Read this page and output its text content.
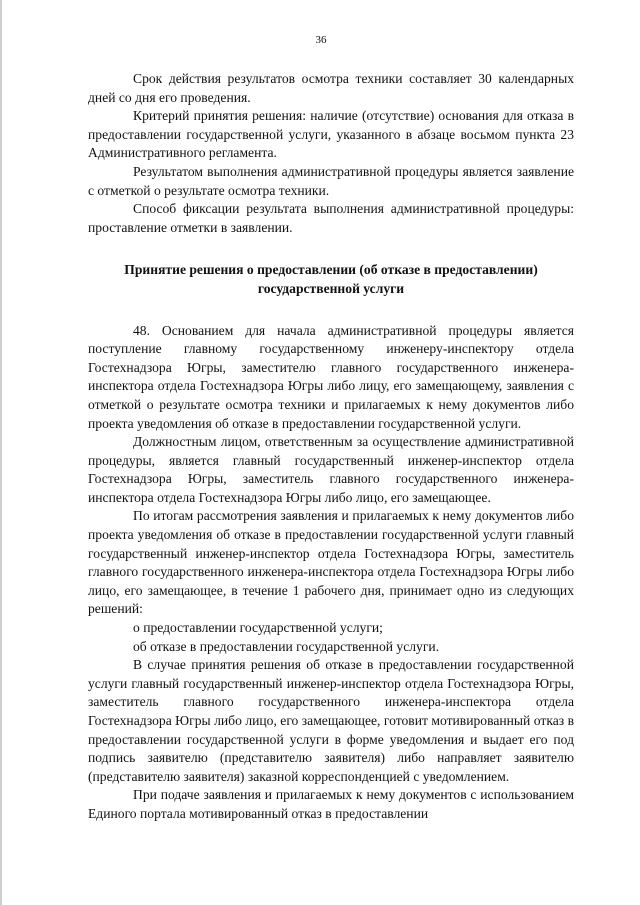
36

Срок действия результатов осмотра техники составляет 30 календарных дней со дня его проведения.

Критерий принятия решения: наличие (отсутствие) основания для отказа в предоставлении государственной услуги, указанного в абзаце восьмом пункта 23 Административного регламента.

Результатом выполнения административной процедуры является заявление с отметкой о результате осмотра техники.

Способ фиксации результата выполнения административной процедуры: проставление отметки в заявлении.

Принятие решения о предоставлении (об отказе в предоставлении) государственной услуги

48. Основанием для начала административной процедуры является поступление главному государственному инженеру-инспектору отдела Гостехнадзора Югры, заместителю главного государственного инженера-инспектора отдела Гостехнадзора Югры либо лицу, его замещающему, заявления с отметкой о результате осмотра техники и прилагаемых к нему документов либо проекта уведомления об отказе в предоставлении государственной услуги.

Должностным лицом, ответственным за осуществление административной процедуры, является главный государственный инженер-инспектор отдела Гостехнадзора Югры, заместитель главного государственного инженера-инспектора отдела Гостехнадзора Югры либо лицо, его замещающее.

По итогам рассмотрения заявления и прилагаемых к нему документов либо проекта уведомления об отказе в предоставлении государственной услуги главный государственный инженер-инспектор отдела Гостехнадзора Югры, заместитель главного государственного инженера-инспектора отдела Гостехнадзора Югры либо лицо, его замещающее, в течение 1 рабочего дня, принимает одно из следующих решений:

о предоставлении государственной услуги;

об отказе в предоставлении государственной услуги.

В случае принятия решения об отказе в предоставлении государственной услуги главный государственный инженер-инспектор отдела Гостехнадзора Югры, заместитель главного государственного инженера-инспектора отдела Гостехнадзора Югры либо лицо, его замещающее, готовит мотивированный отказ в предоставлении государственной услуги в форме уведомления и выдает его под подпись заявителю (представителю заявителя) либо направляет заявителю (представителю заявителя) заказной корреспонденцией с уведомлением.

При подаче заявления и прилагаемых к нему документов с использованием Единого портала мотивированный отказ в предоставлении
